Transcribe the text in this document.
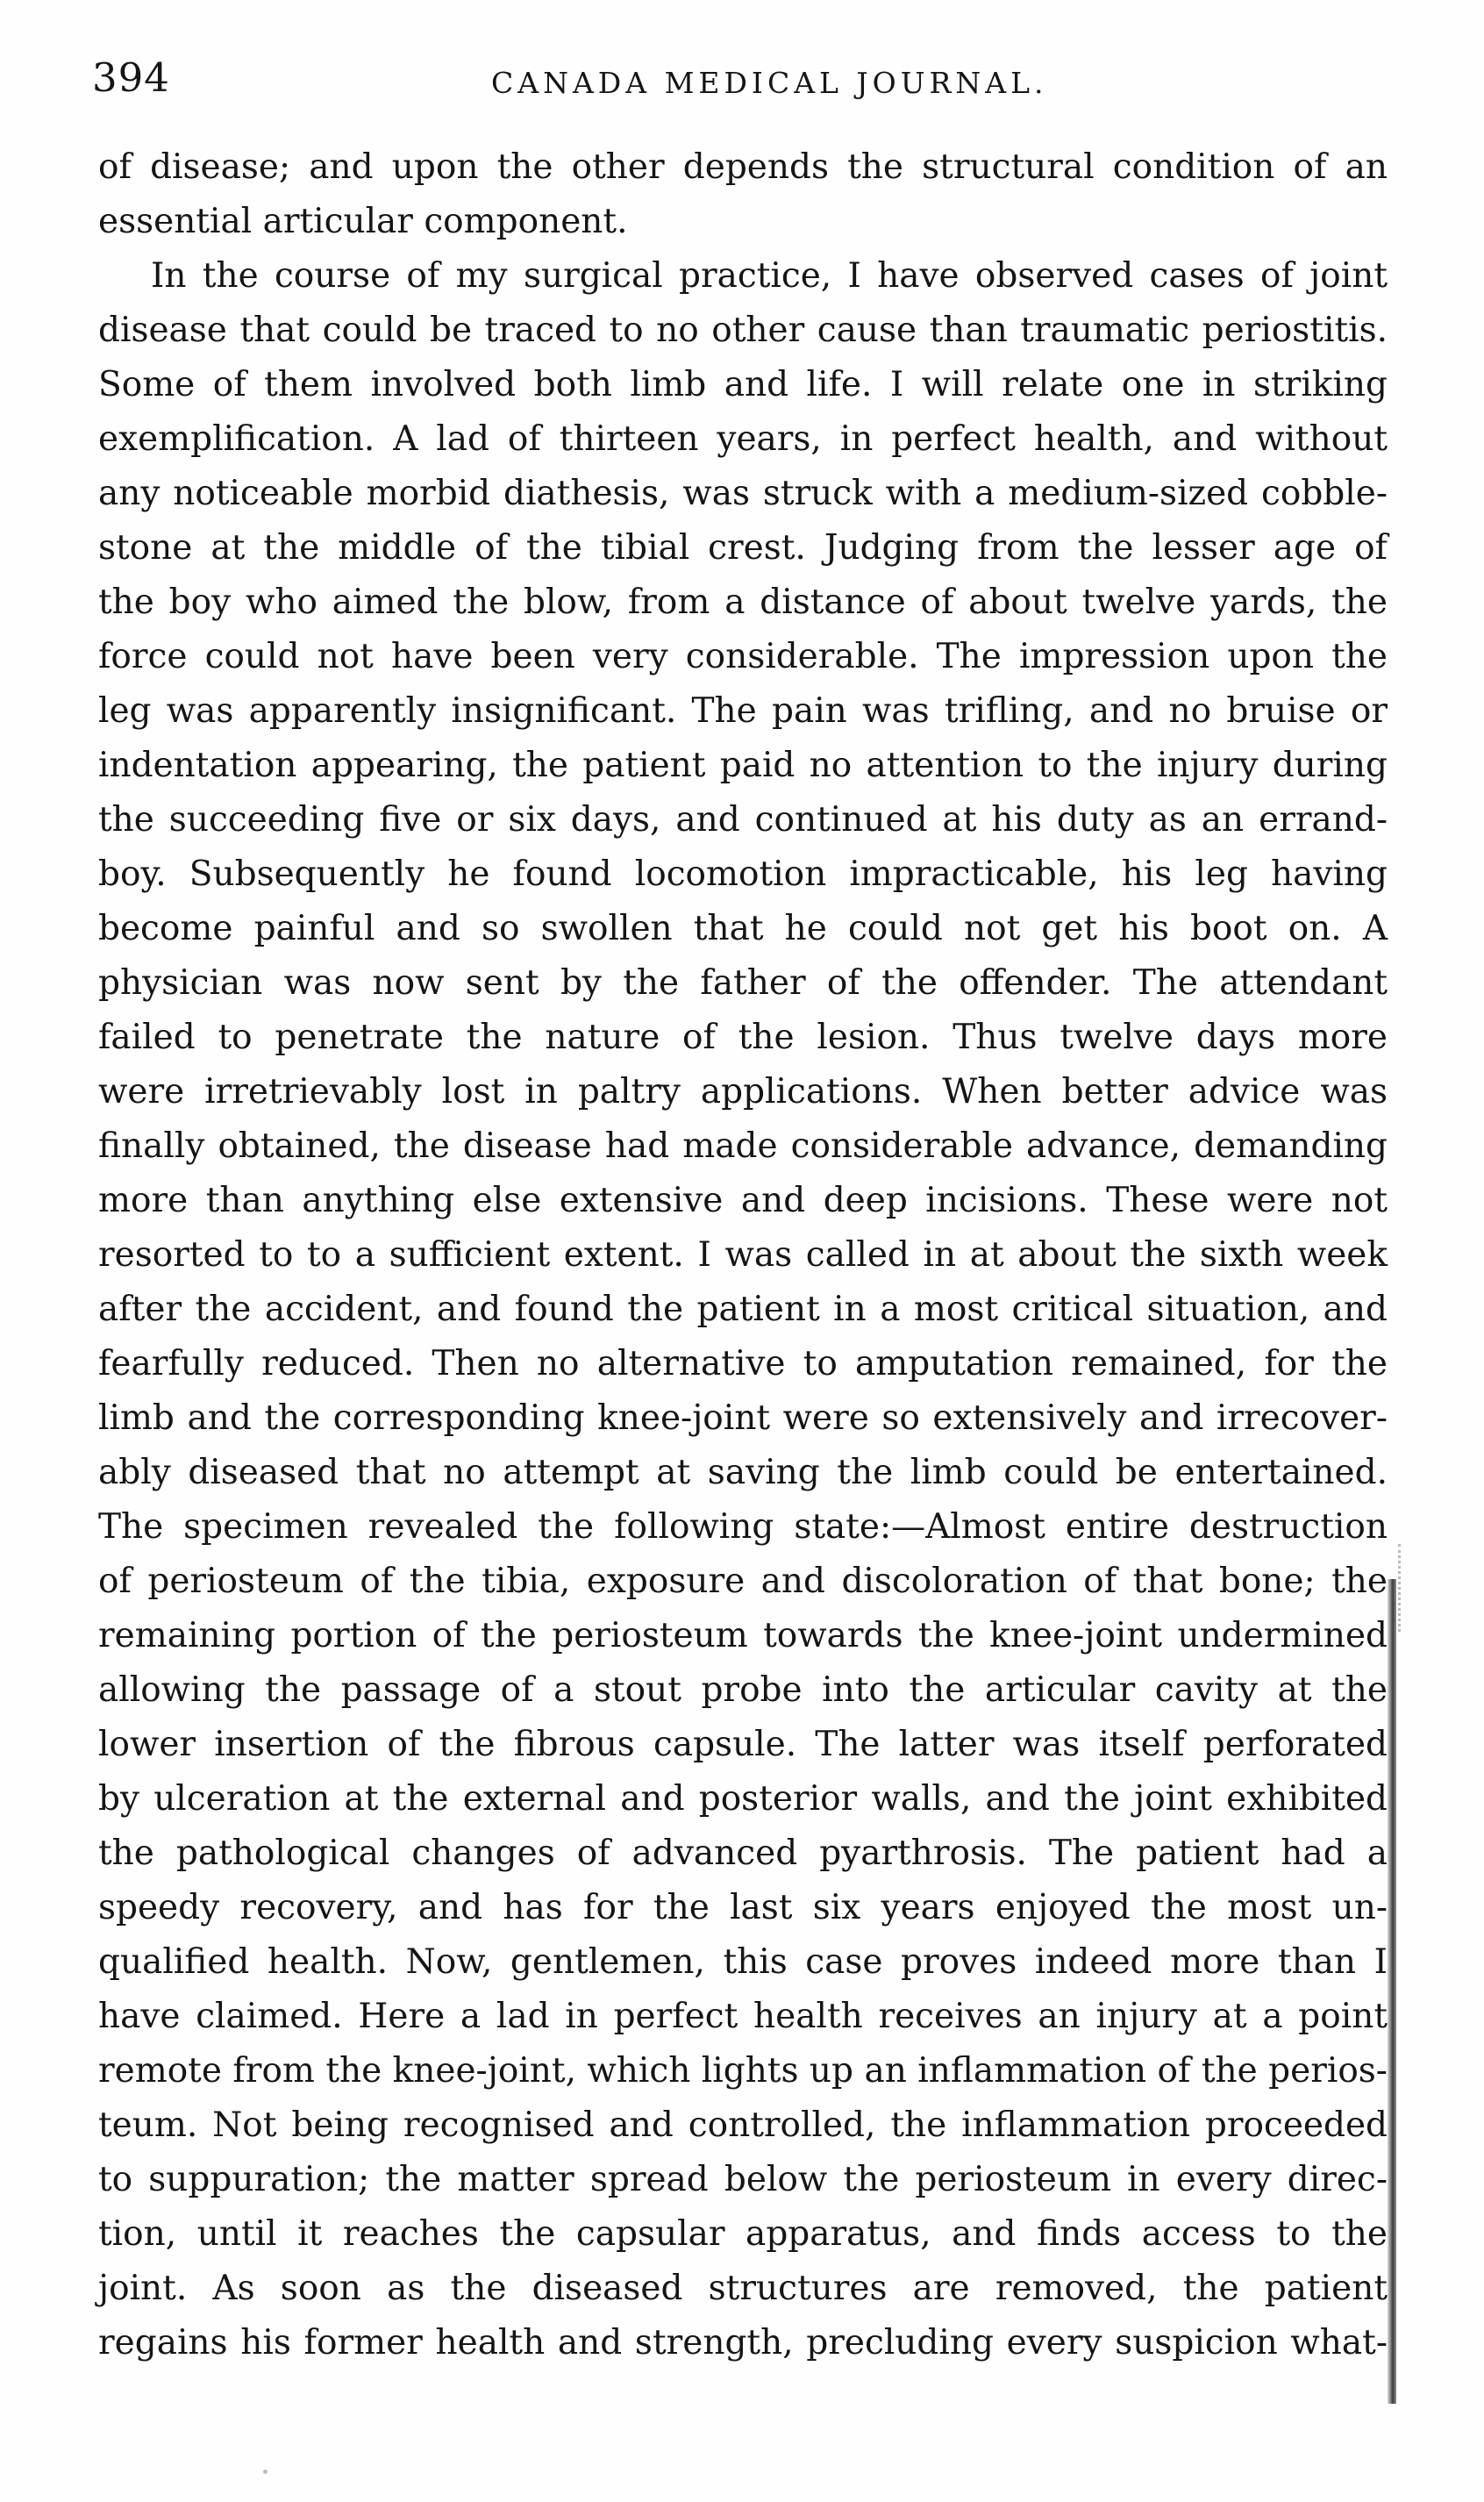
394	CANADA MEDICAL JOURNAL.
of disease; and upon the other depends the structural condition of an
essential articular component.
In the course of my surgical practice, I have observed cases of joint
disease that could be traced to no other cause than traumatic periostitis.
Some of them involved both limb and life. I will relate one in striking
exemplification. A lad of thirteen years, in perfect health, and without
any noticeable morbid diathesis, was struck with a medium-sized cobble-
stone at the middle of the tibial crest. Judging from the lesser age of
the boy who aimed the blow, from a distance of about twelve yards, the
force could not have been very considerable. The impression upon the
leg was apparently insignificant. The pain was trifling, and no bruise or
indentation appearing, the patient paid no attention to the injury during
the succeeding five or six days, and continued at his duty as an errand-
boy. Subsequently he found locomotion impracticable, his leg having
become painful and so swollen that he could not get his boot on. A
physician was now sent by the father of the offender. The attendant
failed to penetrate the nature of the lesion. Thus twelve days more
were irretrievably lost in paltry applications. When better advice was
finally obtained, the disease had made considerable advance, demanding
more than anything else extensive and deep incisions. These were not
resorted to to a sufficient extent. I was called in at about the sixth week
after the accident, and found the patient in a most critical situation, and
fearfully reduced. Then no alternative to amputation remained, for the
limb and the corresponding knee-joint were so extensively and irrecover-
ably diseased that no attempt at saving the limb could be entertained.
The specimen revealed the following state:—Almost entire destruction
of periosteum of the tibia, exposure and discoloration of that bone; the
remaining portion of the periosteum towards the knee-joint undermined
allowing the passage of a stout probe into the articular cavity at the
lower insertion of the fibrous capsule. The latter was itself perforated
by ulceration at the external and posterior walls, and the joint exhibited
the pathological changes of advanced pyarthrosis. The patient had a
speedy recovery, and has for the last six years enjoyed the most un-
qualified health. Now, gentlemen, this case proves indeed more than I
have claimed. Here a lad in perfect health receives an injury at a point
remote from the knee-joint, which lights up an inflammation of the perios-
teum. Not being recognised and controlled, the inflammation proceeded
to suppuration; the matter spread below the periosteum in every direc-
tion, until it reaches the capsular apparatus, and finds access to the
joint. As soon as the diseased structures are removed, the patient
regains his former health and strength, precluding every suspicion what-
